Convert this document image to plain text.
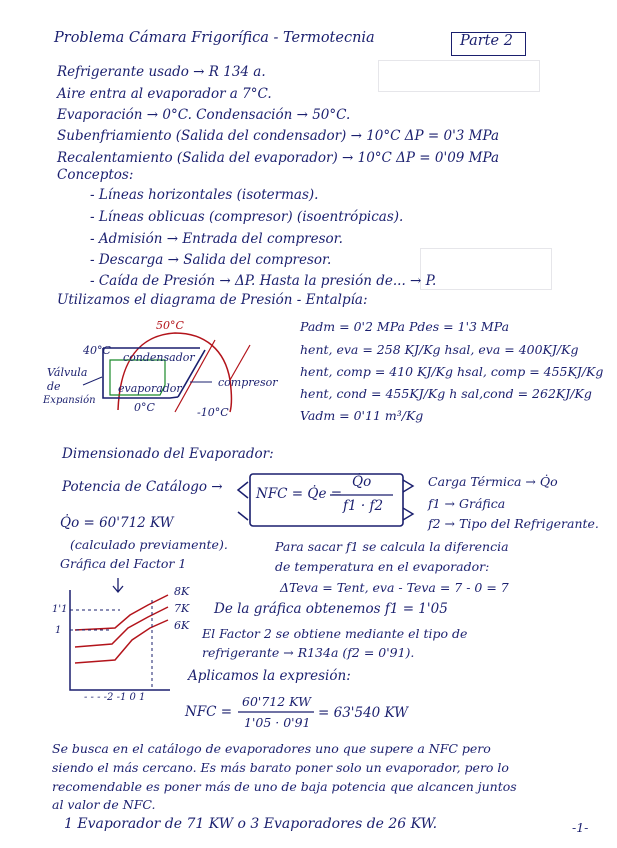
Problema Cámara Frigorífica - Termotecnia	Parte 2
Refrigerante usado → R 134 a.
Aire entra al evaporador a 7°C.
Evaporación → 0°C. Condensación → 50°C.
Subenfriamiento (Salida del condensador) → 10°C ΔP = 0'3 MPa
Recalentamiento (Salida del evaporador) → 10°C ΔP = 0'09 MPa
Conceptos:
- Líneas horizontales (isotermas).
- Líneas oblicuas (compresor) (isoentrópicas).
- Admisión → Entrada del compresor.
- Descarga → Salida del compresor.
- Caída de Presión → ΔP. Hasta la presión de... → P.
Utilizamos el diagrama de Presión - Entalpía:
50°C
40°C
condensador
evaporador	compresor
Válvula
de
Expansión
0°C	-10°C
Padm = 0'2 MPa Pdes = 1'3 MPa
hent, eva = 258 KJ/Kg hsal, eva = 400KJ/Kg
hent, comp = 410 KJ/Kg hsal, comp = 455KJ/Kg
hent, cond = 455KJ/Kg h sal,cond = 262KJ/Kg
Vadm = 0'11 m³/Kg
Dimensionado del Evaporador:
Potencia de Catálogo → NFC = Q̇e =
Q̇o
f1 · f2
Carga Térmica → Q̇o
f1 → Gráfica
f2 → Tipo del Refrigerante.
Q̇o = 60'712 KW
(calculado previamente).
Gráfica del Factor 1
8K
7K
6K
1'1
1
- - - -2 -1 0 1
Para sacar f1 se calcula la diferencia
de temperatura en el evaporador:
ΔTeva = Tent, eva - Teva = 7 - 0 = 7
De la gráfica obtenemos f1 = 1'05
El Factor 2 se obtiene mediante el tipo de
refrigerante → R134a (f2 = 0'91).
Aplicamos la expresión:
NFC =
60'712 KW
1'05 · 0'91
= 63'540 KW
Se busca en el catálogo de evaporadores uno que supere a NFC pero
siendo el más cercano. Es más barato poner solo un evaporador, pero lo
recomendable es poner más de uno de baja potencia que alcancen juntos
al valor de NFC.
1 Evaporador de 71 KW o 3 Evaporadores de 26 KW.	-1-
